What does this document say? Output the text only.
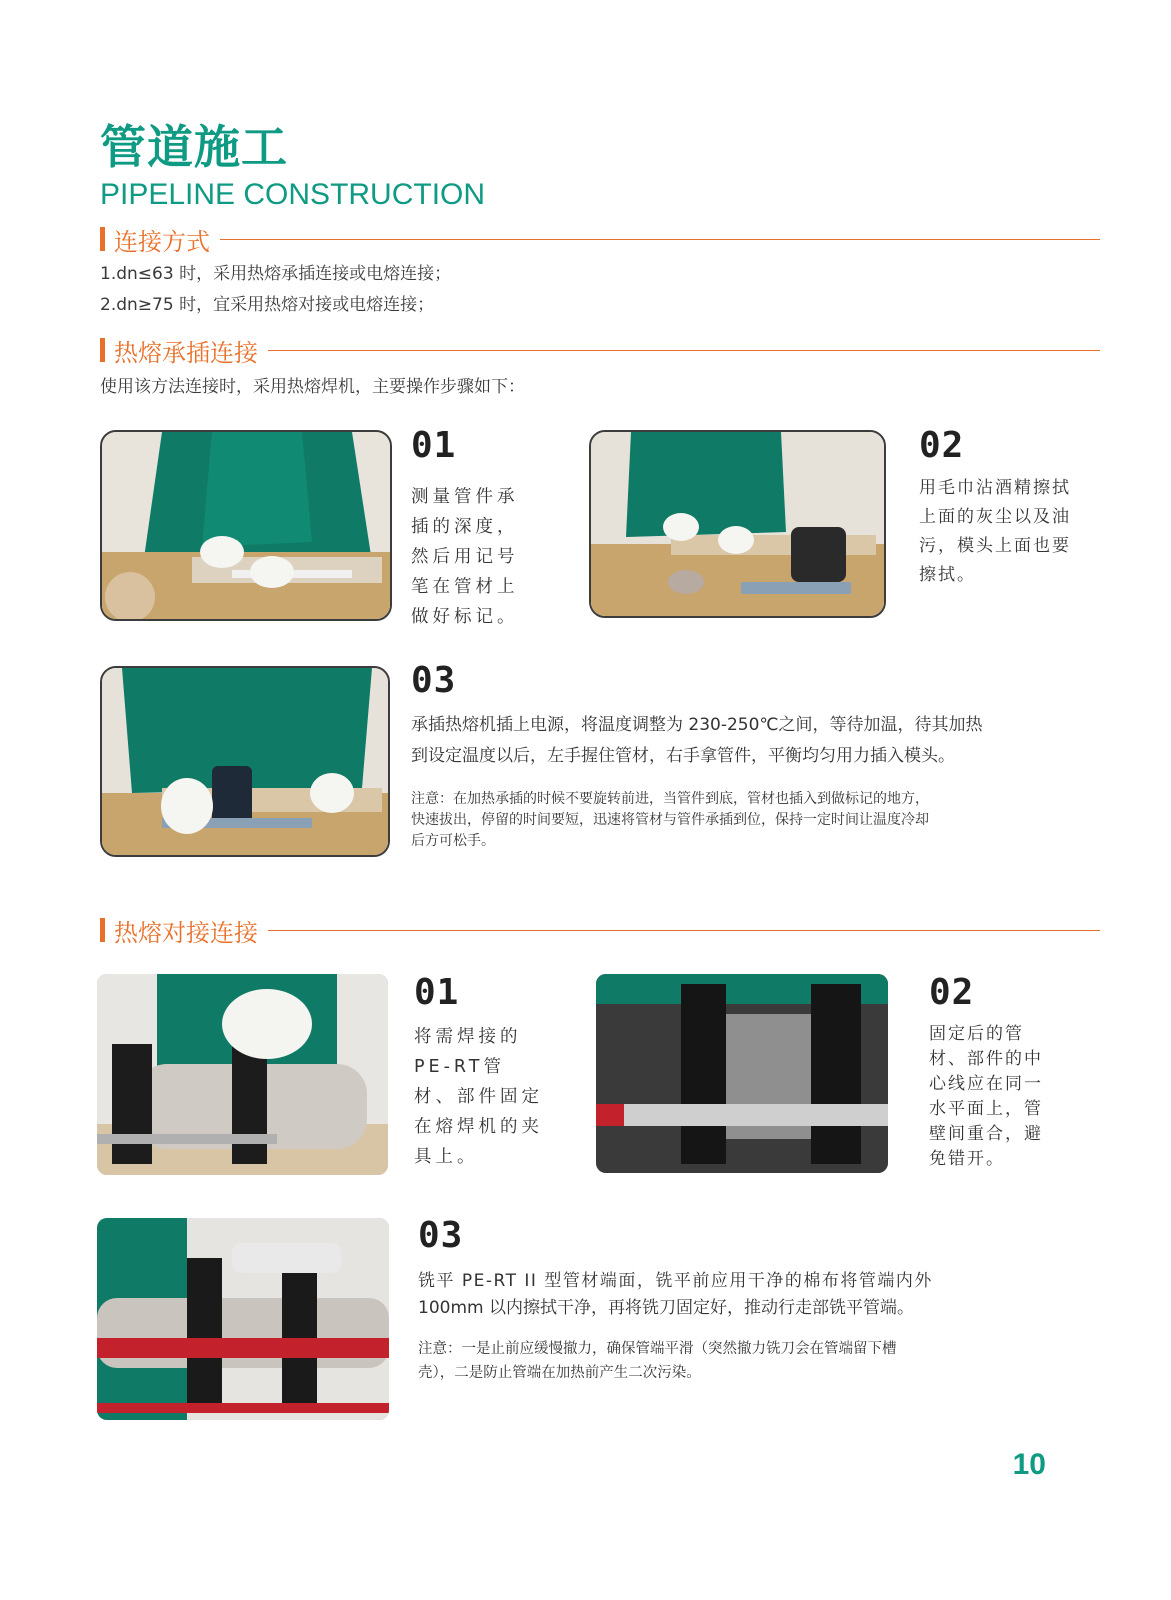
管道施工
PIPELINE CONSTRUCTION
连接方式
1.dn≤63 时，采用热熔承插连接或电熔连接；
2.dn≥75 时，宜采用热熔对接或电熔连接；
热熔承插连接
使用该方法连接时，采用热熔焊机，主要操作步骤如下：
01
测量管件承插的深度，然后用记号笔在管材上做好标记。
02
用毛巾沾酒精擦拭上面的灰尘以及油污，模头上面也要擦拭。
03
承插热熔机插上电源，将温度调整为 230-250℃之间，等待加温，待其加热
到设定温度以后，左手握住管材，右手拿管件，平衡均匀用力插入模头。
注意：在加热承插的时候不要旋转前进，当管件到底，管材也插入到做标记的地方，
快速拔出，停留的时间要短，迅速将管材与管件承插到位，保持一定时间让温度冷却
后方可松手。
热熔对接连接
01
将需焊接的PE-RT管材、部件固定在熔焊机的夹具上。
02
固定后的管材、部件的中心线应在同一水平面上，管壁间重合，避免错开。
03
铣平 PE-RT II 型管材端面，铣平前应用干净的棉布将管端内外
100mm 以内擦拭干净，再将铣刀固定好，推动行走部铣平管端。
注意：一是止前应缓慢撤力，确保管端平滑（突然撤力铣刀会在管端留下槽
壳），二是防止管端在加热前产生二次污染。
10
